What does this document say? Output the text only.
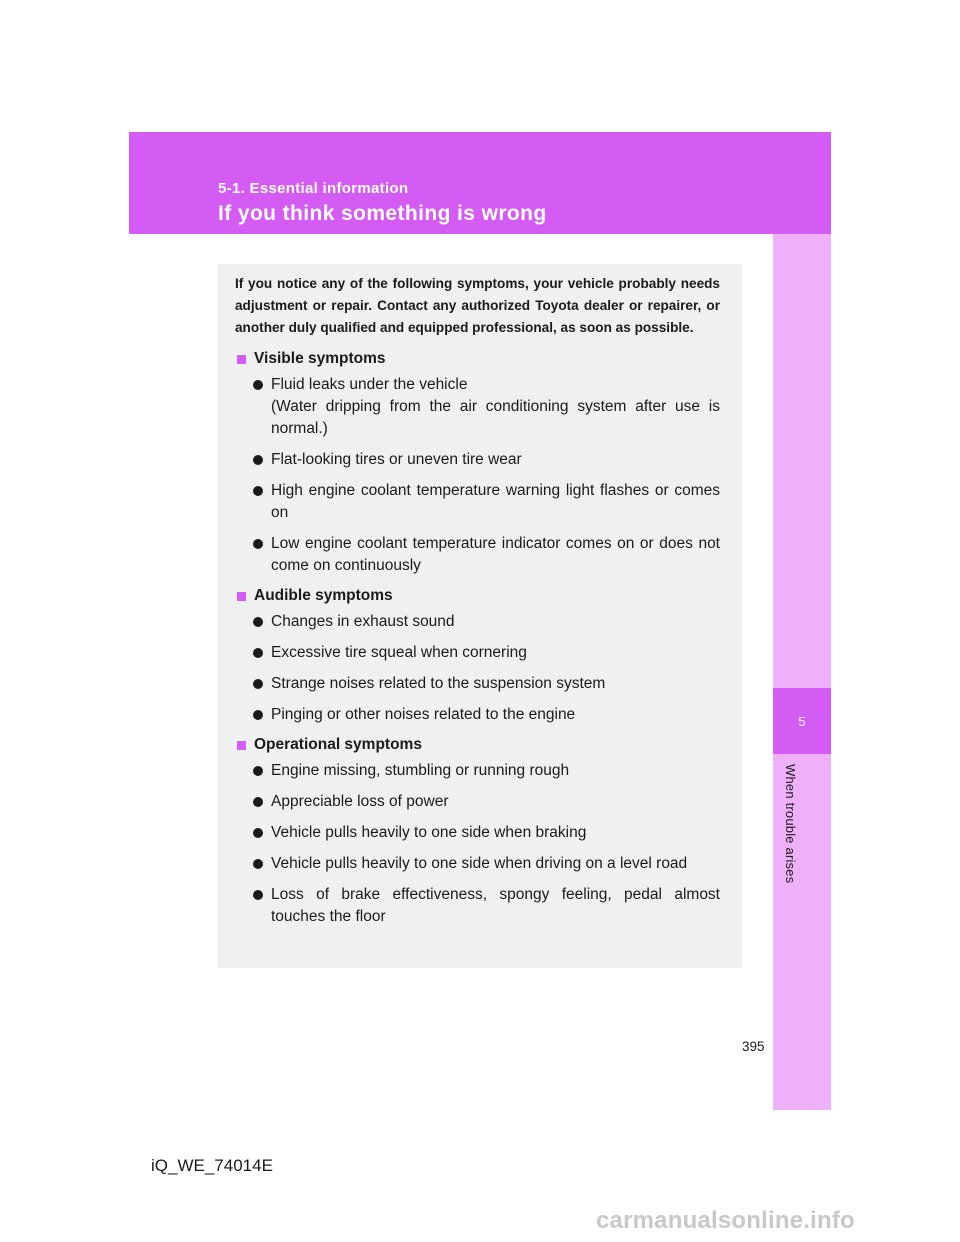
5-1. Essential information
If you think something is wrong
5
When trouble arises

If you notice any of the following symptoms, your vehicle probably needs adjustment or repair. Contact any authorized Toyota dealer or repairer, or another duly qualified and equipped professional, as soon as possible.

Visible symptoms
Fluid leaks under the vehicle
(Water dripping from the air conditioning system after use is normal.)
Flat-looking tires or uneven tire wear
High engine coolant temperature warning light flashes or comes on
Low engine coolant temperature indicator comes on or does not come on continuously
Audible symptoms
Changes in exhaust sound
Excessive tire squeal when cornering
Strange noises related to the suspension system
Pinging or other noises related to the engine
Operational symptoms
Engine missing, stumbling or running rough
Appreciable loss of power
Vehicle pulls heavily to one side when braking
Vehicle pulls heavily to one side when driving on a level road
Loss of brake effectiveness, spongy feeling, pedal almost touches the floor
395
iQ_WE_74014E
carmanualsonline.info
